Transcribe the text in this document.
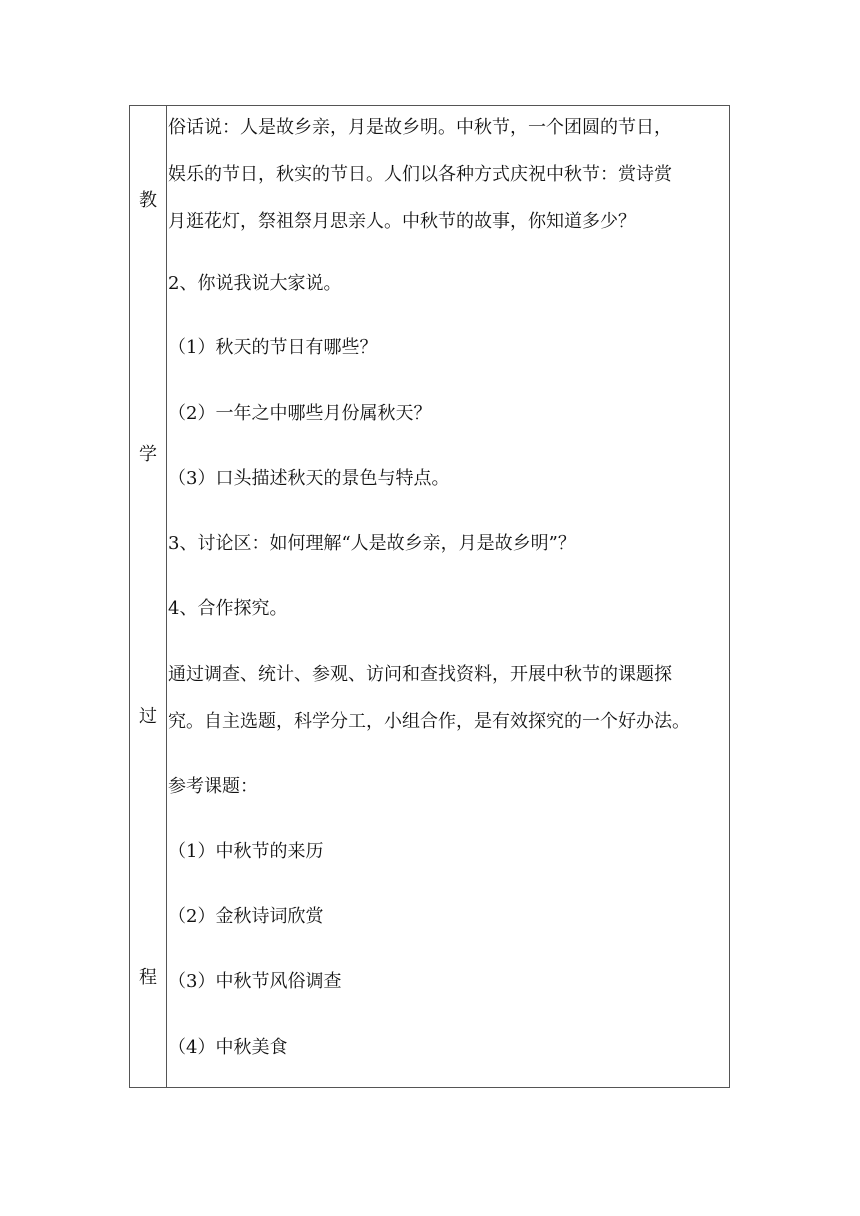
教
学
过
程
俗话说：人是故乡亲，月是故乡明。中秋节，一个团圆的节日，
娱乐的节日，秋实的节日。人们以各种方式庆祝中秋节：赏诗赏
月逛花灯，祭祖祭月思亲人。中秋节的故事，你知道多少？
2、你说我说大家说。
（1）秋天的节日有哪些？
（2）一年之中哪些月份属秋天？
（3）口头描述秋天的景色与特点。
3、讨论区：如何理解“人是故乡亲，月是故乡明”？
4、合作探究。
通过调查、统计、参观、访问和查找资料，开展中秋节的课题探
究。自主选题，科学分工，小组合作，是有效探究的一个好办法。
参考课题：
（1）中秋节的来历
（2）金秋诗词欣赏
（3）中秋节风俗调查
（4）中秋美食
